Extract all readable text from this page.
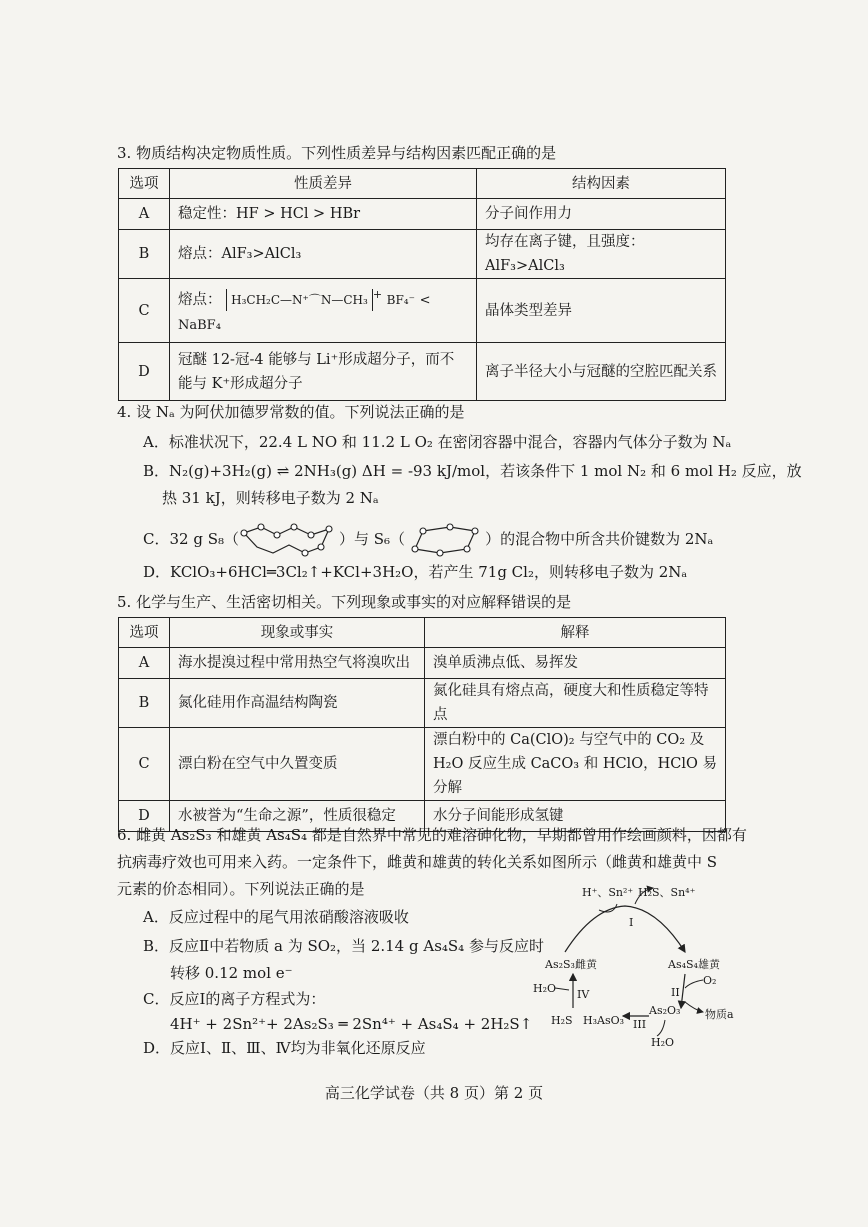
3. 物质结构决定物质性质。下列性质差异与结构因素匹配正确的是
选项	性质差异	结构因素
A	稳定性：HF > HCl > HBr	分子间作用力
B	熔点：AlF₃>AlCl₃	均存在离子键，且强度：AlF₃>AlCl₃
C	熔点： H₃CH₂C—N⁺⌒N—CH₃ + BF₄⁻ < NaBF₄	晶体类型差异
D	冠醚 12-冠-4 能够与 Li⁺形成超分子，而不能与 K⁺形成超分子	离子半径大小与冠醚的空腔匹配关系
4. 设 Nₐ 为阿伏加德罗常数的值。下列说法正确的是
A．标准状况下，22.4 L NO 和 11.2 L O₂ 在密闭容器中混合，容器内气体分子数为 Nₐ
B．N₂(g)+3H₂(g) ⇌ 2NH₃(g) ΔH = -93 kJ/mol，若该条件下 1 mol N₂ 和 6 mol H₂ 反应，放
热 31 kJ，则转移电子数为 2 Nₐ
C．32 g S₈（	）与 S₆（	）的混合物中所含共价键数为 2Nₐ
D．KClO₃+6HCl═3Cl₂↑+KCl+3H₂O，若产生 71g Cl₂，则转移电子数为 2Nₐ
5. 化学与生产、生活密切相关。下列现象或事实的对应解释错误的是
选项	现象或事实	解释
A	海水提溴过程中常用热空气将溴吹出	溴单质沸点低、易挥发
B	氮化硅用作高温结构陶瓷	氮化硅具有熔点高，硬度大和性质稳定等特点
C	漂白粉在空气中久置变质	漂白粉中的 Ca(ClO)₂ 与空气中的 CO₂ 及 H₂O 反应生成 CaCO₃ 和 HClO，HClO 易分解
D	水被誉为“生命之源”，性质很稳定	水分子间能形成氢键
6. 雌黄 As₂S₃ 和雄黄 As₄S₄ 都是自然界中常见的难溶砷化物，早期都曾用作绘画颜料，因都有
抗病毒疗效也可用来入药。一定条件下，雌黄和雄黄的转化关系如图所示（雌黄和雄黄中 S
元素的价态相同）。下列说法正确的是
A．反应过程中的尾气用浓硝酸溶液吸收
B．反应Ⅱ中若物质 a 为 SO₂，当 2.14 g As₄S₄ 参与反应时
转移 0.12 mol e⁻
C．反应Ⅰ的离子方程式为：
4H⁺ + 2Sn²⁺+ 2As₂S₃ ═ 2Sn⁴⁺ + As₄S₄ + 2H₂S↑
D．反应Ⅰ、Ⅱ、Ⅲ、Ⅳ均为非氧化还原反应
H⁺、Sn²⁺ H₂S、Sn⁴⁺
I
As₂S₃雌黄	As₄S₄雄黄
O₂
II
物质a
As₂O₃
III
H₃AsO₃
H₂O
IV
H₂O
H₂S
高三化学试卷（共 8 页）第 2 页
